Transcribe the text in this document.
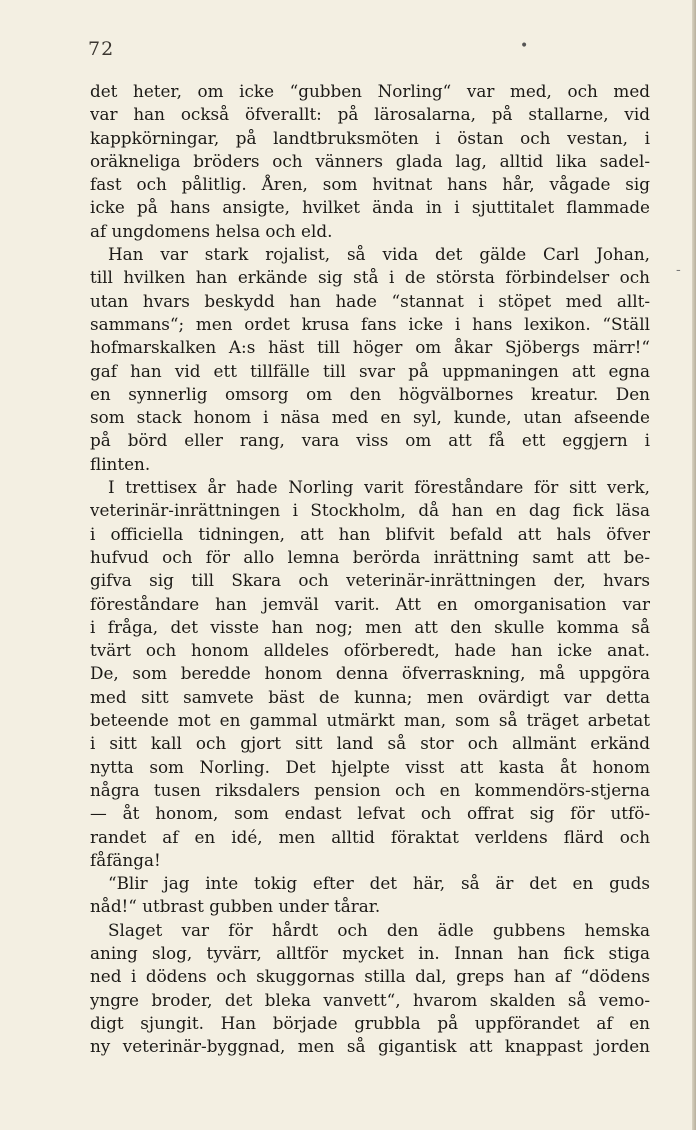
72	•
-
det heter, om icke “gubben Norling“ var med, och med
var han också öfverallt: på lärosalarna, på stallarne, vid
kappkörningar, på landtbruksmöten i östan och vestan, i
oräkneliga bröders och vänners glada lag, alltid lika sadel-
fast och pålitlig. Åren, som hvitnat hans hår, vågade sig
icke på hans ansigte, hvilket ända in i sjuttitalet flammade
af ungdomens helsa och eld.
Han var stark rojalist, så vida det gälde Carl Johan,
till hvilken han erkände sig stå i de största förbindelser och
utan hvars beskydd han hade “stannat i stöpet med allt-
sammans“; men ordet krusa fans icke i hans lexikon. “Ställ
hofmarskalken A:s häst till höger om åkar Sjöbergs märr!“
gaf han vid ett tillfälle till svar på uppmaningen att egna
en synnerlig omsorg om den högvälbornes kreatur. Den
som stack honom i näsa med en syl, kunde, utan afseende
på börd eller rang, vara viss om att få ett eggjern i
flinten.
I trettisex år hade Norling varit föreståndare för sitt verk,
veterinär-inrättningen i Stockholm, då han en dag fick läsa
i officiella tidningen, att han blifvit befald att hals öfver
hufvud och för allo lemna berörda inrättning samt att be-
gifva sig till Skara och veterinär-inrättningen der, hvars
föreståndare han jemväl varit. Att en omorganisation var
i fråga, det visste han nog; men att den skulle komma så
tvärt och honom alldeles oförberedt, hade han icke anat.
De, som beredde honom denna öfverraskning, må uppgöra
med sitt samvete bäst de kunna; men ovärdigt var detta
beteende mot en gammal utmärkt man, som så träget arbetat
i sitt kall och gjort sitt land så stor och allmänt erkänd
nytta som Norling. Det hjelpte visst att kasta åt honom
några tusen riksdalers pension och en kommendörs-stjerna
— åt honom, som endast lefvat och offrat sig för utfö-
randet af en idé, men alltid föraktat verldens flärd och
fåfänga!
“Blir jag inte tokig efter det här, så är det en guds
nåd!“ utbrast gubben under tårar.
Slaget var för hårdt och den ädle gubbens hemska
aning slog, tyvärr, alltför mycket in. Innan han fick stiga
ned i dödens och skuggornas stilla dal, greps han af “dödens
yngre broder, det bleka vanvett“, hvarom skalden så vemo-
digt sjungit. Han började grubbla på uppförandet af en
ny veterinär-byggnad, men så gigantisk att knappast jorden
